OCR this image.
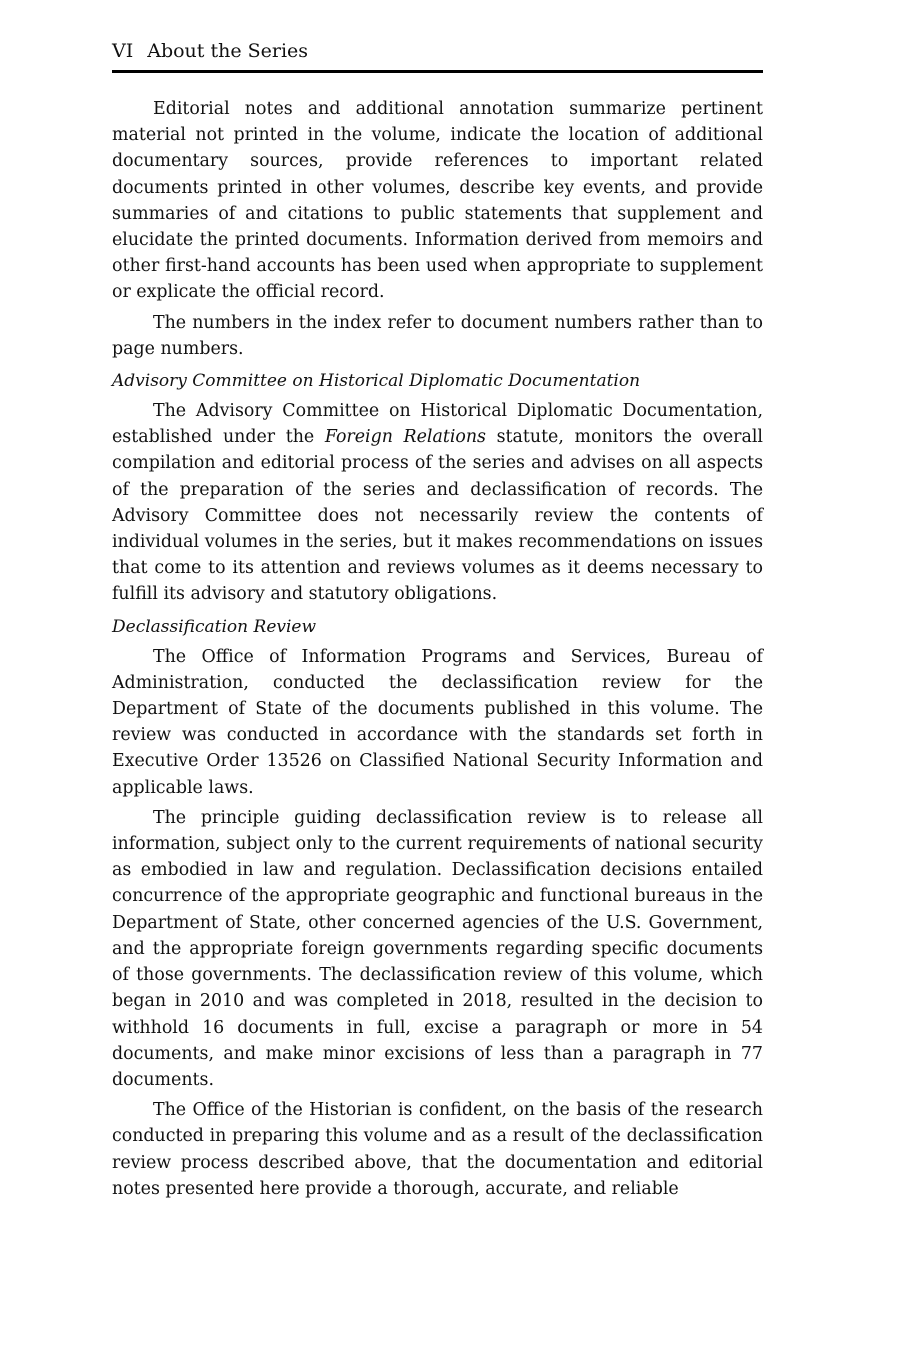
VI About the Series

Editorial notes and additional annotation summarize pertinent material not printed in the volume, indicate the location of additional documentary sources, provide references to important related documents printed in other volumes, describe key events, and provide summaries of and citations to public statements that supplement and elucidate the printed documents. Information derived from memoirs and other first-hand accounts has been used when appropriate to supplement or explicate the official record.

The numbers in the index refer to document numbers rather than to page numbers.

Advisory Committee on Historical Diplomatic Documentation

The Advisory Committee on Historical Diplomatic Documentation, established under the Foreign Relations statute, monitors the overall compilation and editorial process of the series and advises on all aspects of the preparation of the series and declassification of records. The Advisory Committee does not necessarily review the contents of individual volumes in the series, but it makes recommendations on issues that come to its attention and reviews volumes as it deems necessary to fulfill its advisory and statutory obligations.

Declassification Review

The Office of Information Programs and Services, Bureau of Administration, conducted the declassification review for the Department of State of the documents published in this volume. The review was conducted in accordance with the standards set forth in Executive Order 13526 on Classified National Security Information and applicable laws.

The principle guiding declassification review is to release all information, subject only to the current requirements of national security as embodied in law and regulation. Declassification decisions entailed concurrence of the appropriate geographic and functional bureaus in the Department of State, other concerned agencies of the U.S. Government, and the appropriate foreign governments regarding specific documents of those governments. The declassification review of this volume, which began in 2010 and was completed in 2018, resulted in the decision to withhold 16 documents in full, excise a paragraph or more in 54 documents, and make minor excisions of less than a paragraph in 77 documents.

The Office of the Historian is confident, on the basis of the research conducted in preparing this volume and as a result of the declassification review process described above, that the documentation and editorial notes presented here provide a thorough, accurate, and reliable
